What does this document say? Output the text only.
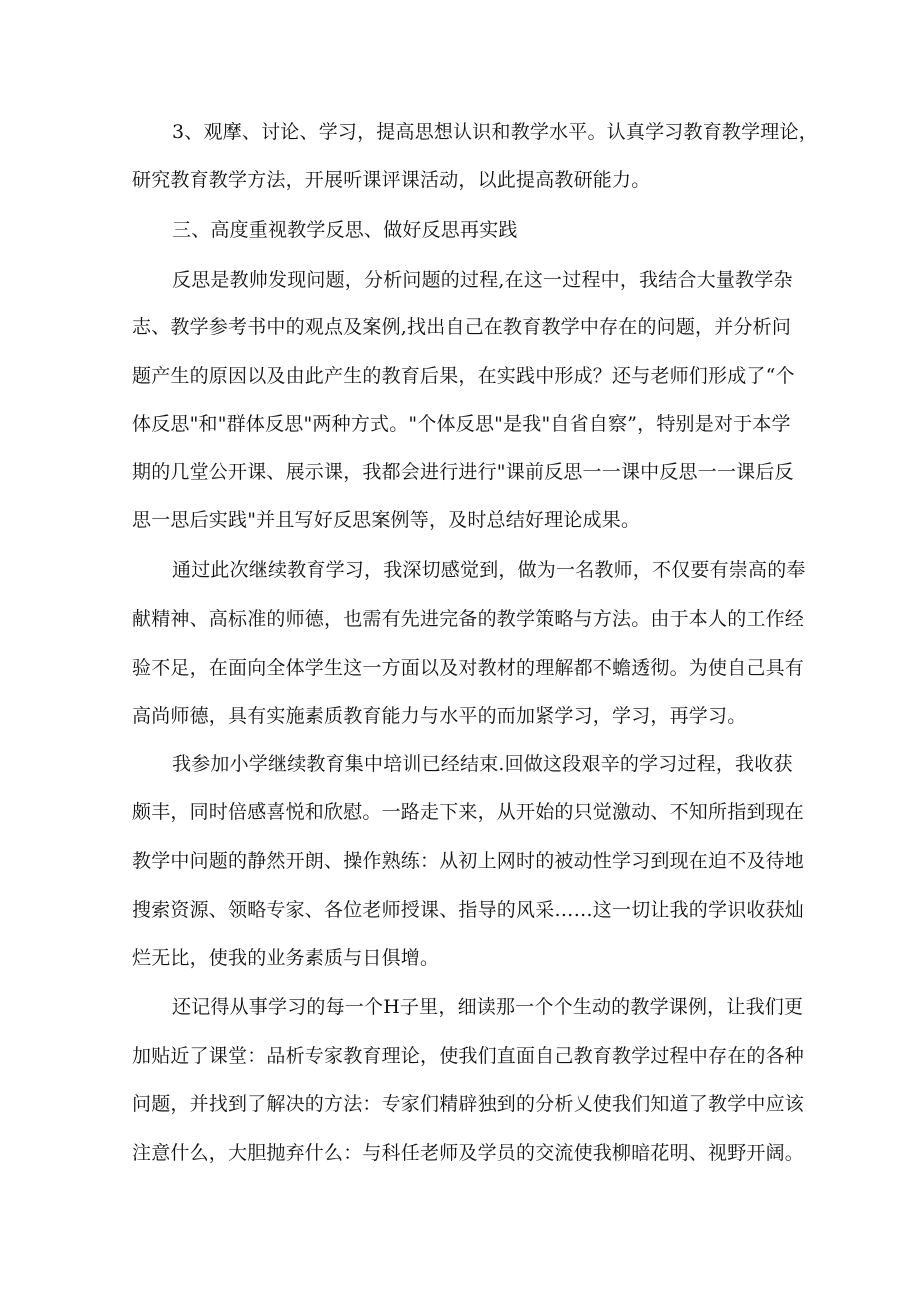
3、观摩、讨论、学习，提高思想认识和教学水平。认真学习教育教学理论，

研究教育教学方法，开展听课评课活动，以此提高教研能力。

三、高度重视教学反思、做好反思再实践

反思是教帅发现问题，分析问题的过程,在这一过程中，我结合大量教学杂

志、教学参考书中的观点及案例,找出自己在教育教学中存在的问题，并分析问

题产生的原因以及由此产生的教育后果，在实践中形成？还与老师们形成了“个

体反思"和"群体反思"两种方式。"个体反思"是我"自省自察”，特别是对于本学

期的几堂公开课、展示课，我都会进行进行"课前反思一一课中反思一一课后反

思一思后实践"并且写好反思案例等，及时总结好理论成果。

通过此次继续教育学习，我深切感觉到，做为一名教师，不仅要有崇高的奉

献精神、高标准的师德，也需有先进完备的教学策略与方法。由于本人的工作经

验不足，在面向全体学生这一方面以及对教材的理解都不蟾透彻。为使自己具有

高尚师德，具有实施素质教育能力与水平的而加紧学习，学习，再学习。

我参加小学继续教育集中培训已经结束.回做这段艰辛的学习过程，我收获

颇丰，同时倍感喜悦和欣慰。一路走下来，从开始的只觉激动、不知所指到现在

教学中问题的静然开朗、操作熟练：从初上网时的被动性学习到现在迫不及待地

搜索资源、领略专家、各位老师授课、指导的风采……这一切让我的学识收获灿

烂无比，使我的业务素质与日俱增。

还记得从事学习的每一个H子里，细读那一个个生动的教学课例，让我们更

加贴近了课堂：品析专家教育理论，使我们直面自己教育教学过程中存在的各种

问题，并找到了解决的方法：专家们精辟独到的分析乂使我们知道了教学中应该

注意什么，大胆抛弃什么：与科任老师及学员的交流使我柳暗花明、视野开阔。
